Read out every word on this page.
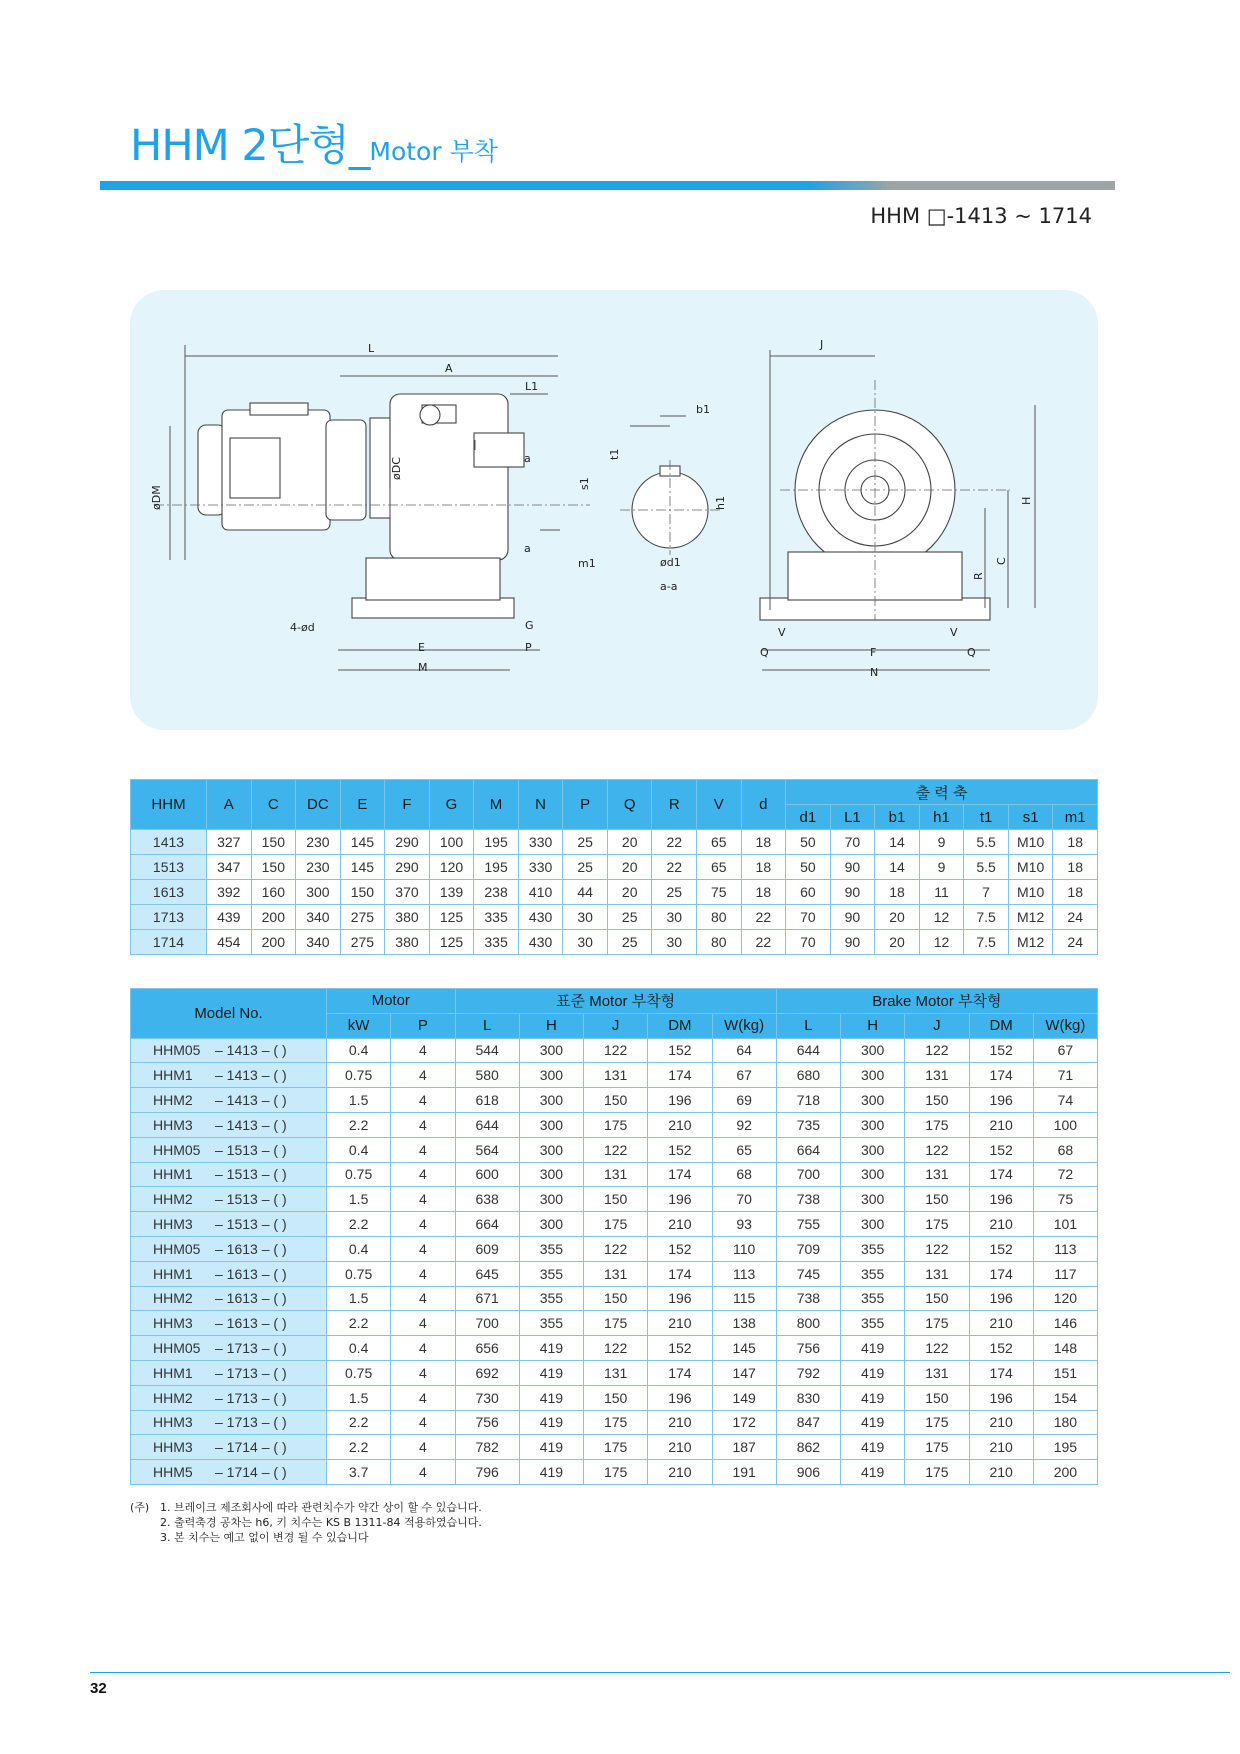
HHM 2단형_Motor 부착
HHM □-1413 ~ 1714
L
A
L1
øDM
øDC	a
a
4-ød
E
M
G
P
t1
b1
s1
h1
m1	ød1
a-a
J
H
C
R
V	V
Q	Q
F
N
HHM	A	C	DC	E	F	G	M	N	P	Q	R	V	d	출 력 축						
														d1	L1	b1	h1	t1	s1	m1
1413	327	150	230	145	290	100	195	330	25	20	22	65	18	50	70	14	9	5.5	M10	18
1513	347	150	230	145	290	120	195	330	25	20	22	65	18	50	90	14	9	5.5	M10	18
1613	392	160	300	150	370	139	238	410	44	20	25	75	18	60	90	18	11	7	M10	18
1713	439	200	340	275	380	125	335	430	30	25	30	80	22	70	90	20	12	7.5	M12	24
1714	454	200	340	275	380	125	335	430	30	25	30	80	22	70	90	20	12	7.5	M12	24
Model No.	Motor		표준 Motor 부착형					Brake Motor 부착형				
	kW	P	L	H	J	DM	W(kg)	L	H	J	DM	W(kg)
HHM05 – 1413 – ( )	0.4	4	544	300	122	152	64	644	300	122	152	67
HHM1 – 1413 – ( )	0.75	4	580	300	131	174	67	680	300	131	174	71
HHM2 – 1413 – ( )	1.5	4	618	300	150	196	69	718	300	150	196	74
HHM3 – 1413 – ( )	2.2	4	644	300	175	210	92	735	300	175	210	100
HHM05 – 1513 – ( )	0.4	4	564	300	122	152	65	664	300	122	152	68
HHM1 – 1513 – ( )	0.75	4	600	300	131	174	68	700	300	131	174	72
HHM2 – 1513 – ( )	1.5	4	638	300	150	196	70	738	300	150	196	75
HHM3 – 1513 – ( )	2.2	4	664	300	175	210	93	755	300	175	210	101
HHM05 – 1613 – ( )	0.4	4	609	355	122	152	110	709	355	122	152	113
HHM1 – 1613 – ( )	0.75	4	645	355	131	174	113	745	355	131	174	117
HHM2 – 1613 – ( )	1.5	4	671	355	150	196	115	738	355	150	196	120
HHM3 – 1613 – ( )	2.2	4	700	355	175	210	138	800	355	175	210	146
HHM05 – 1713 – ( )	0.4	4	656	419	122	152	145	756	419	122	152	148
HHM1 – 1713 – ( )	0.75	4	692	419	131	174	147	792	419	131	174	151
HHM2 – 1713 – ( )	1.5	4	730	419	150	196	149	830	419	150	196	154
HHM3 – 1713 – ( )	2.2	4	756	419	175	210	172	847	419	175	210	180
HHM3 – 1714 – ( )	2.2	4	782	419	175	210	187	862	419	175	210	195
HHM5 – 1714 – ( )	3.7	4	796	419	175	210	191	906	419	175	210	200
(주) 1. 브레이크 제조회사에 따라 관련치수가 약간 상이 할 수 있습니다.
2. 출력축경 공차는 h6, 키 치수는 KS B 1311-84 적용하였습니다.
3. 본 치수는 예고 없이 변경 될 수 있습니다
32
